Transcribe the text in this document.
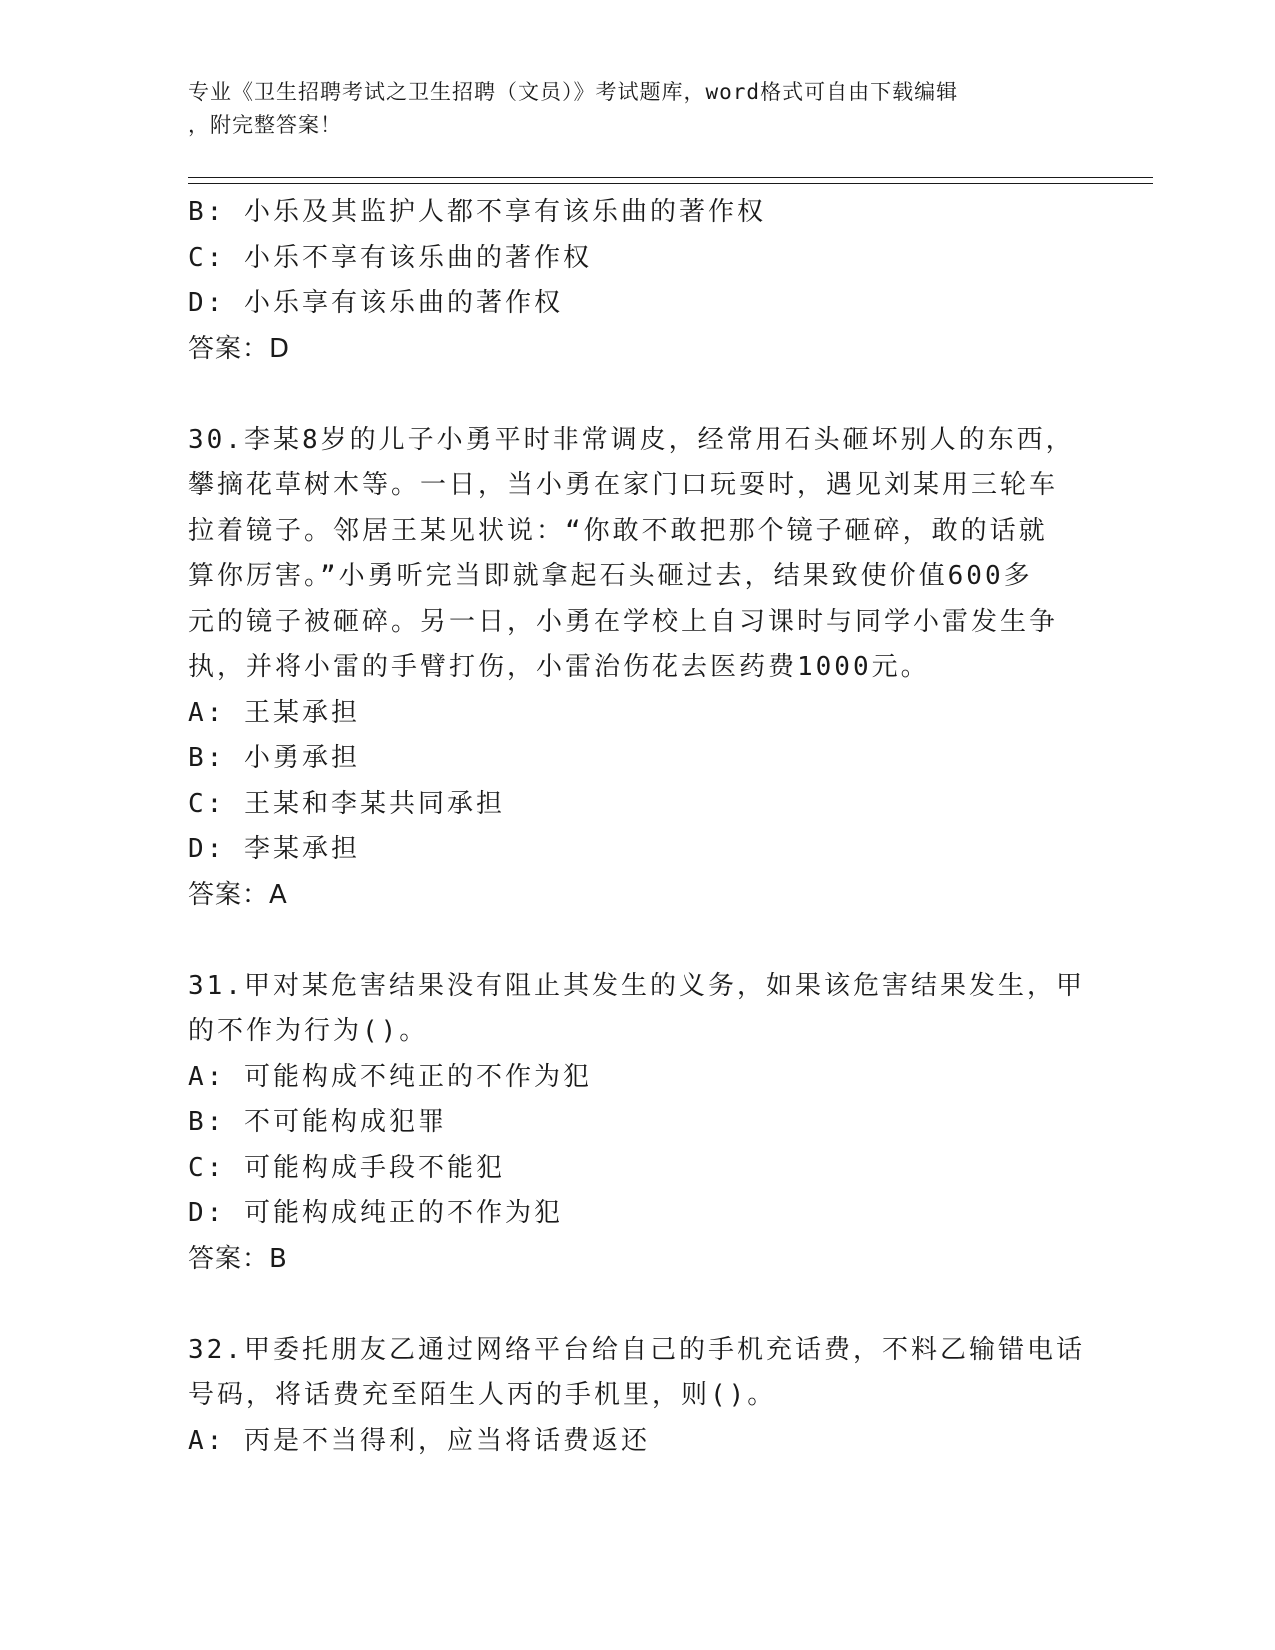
专业《卫生招聘考试之卫生招聘（文员）》考试题库，word格式可自由下载编辑
，附完整答案！
B: 小乐及其监护人都不享有该乐曲的著作权
C: 小乐不享有该乐曲的著作权
D: 小乐享有该乐曲的著作权
答案：D
30.李某8岁的儿子小勇平时非常调皮，经常用石头砸坏别人的东西，
攀摘花草树木等。一日，当小勇在家门口玩耍时，遇见刘某用三轮车
拉着镜子。邻居王某见状说：“你敢不敢把那个镜子砸碎，敢的话就
算你厉害。”小勇听完当即就拿起石头砸过去，结果致使价值600多
元的镜子被砸碎。另一日，小勇在学校上自习课时与同学小雷发生争
执，并将小雷的手臂打伤，小雷治伤花去医药费1000元。
A: 王某承担
B: 小勇承担
C: 王某和李某共同承担
D: 李某承担
答案：A
31.甲对某危害结果没有阻止其发生的义务，如果该危害结果发生，甲
的不作为行为()。
A: 可能构成不纯正的不作为犯
B: 不可能构成犯罪
C: 可能构成手段不能犯
D: 可能构成纯正的不作为犯
答案：B
32.甲委托朋友乙通过网络平台给自己的手机充话费，不料乙输错电话
号码，将话费充至陌生人丙的手机里，则()。
A: 丙是不当得利，应当将话费返还
